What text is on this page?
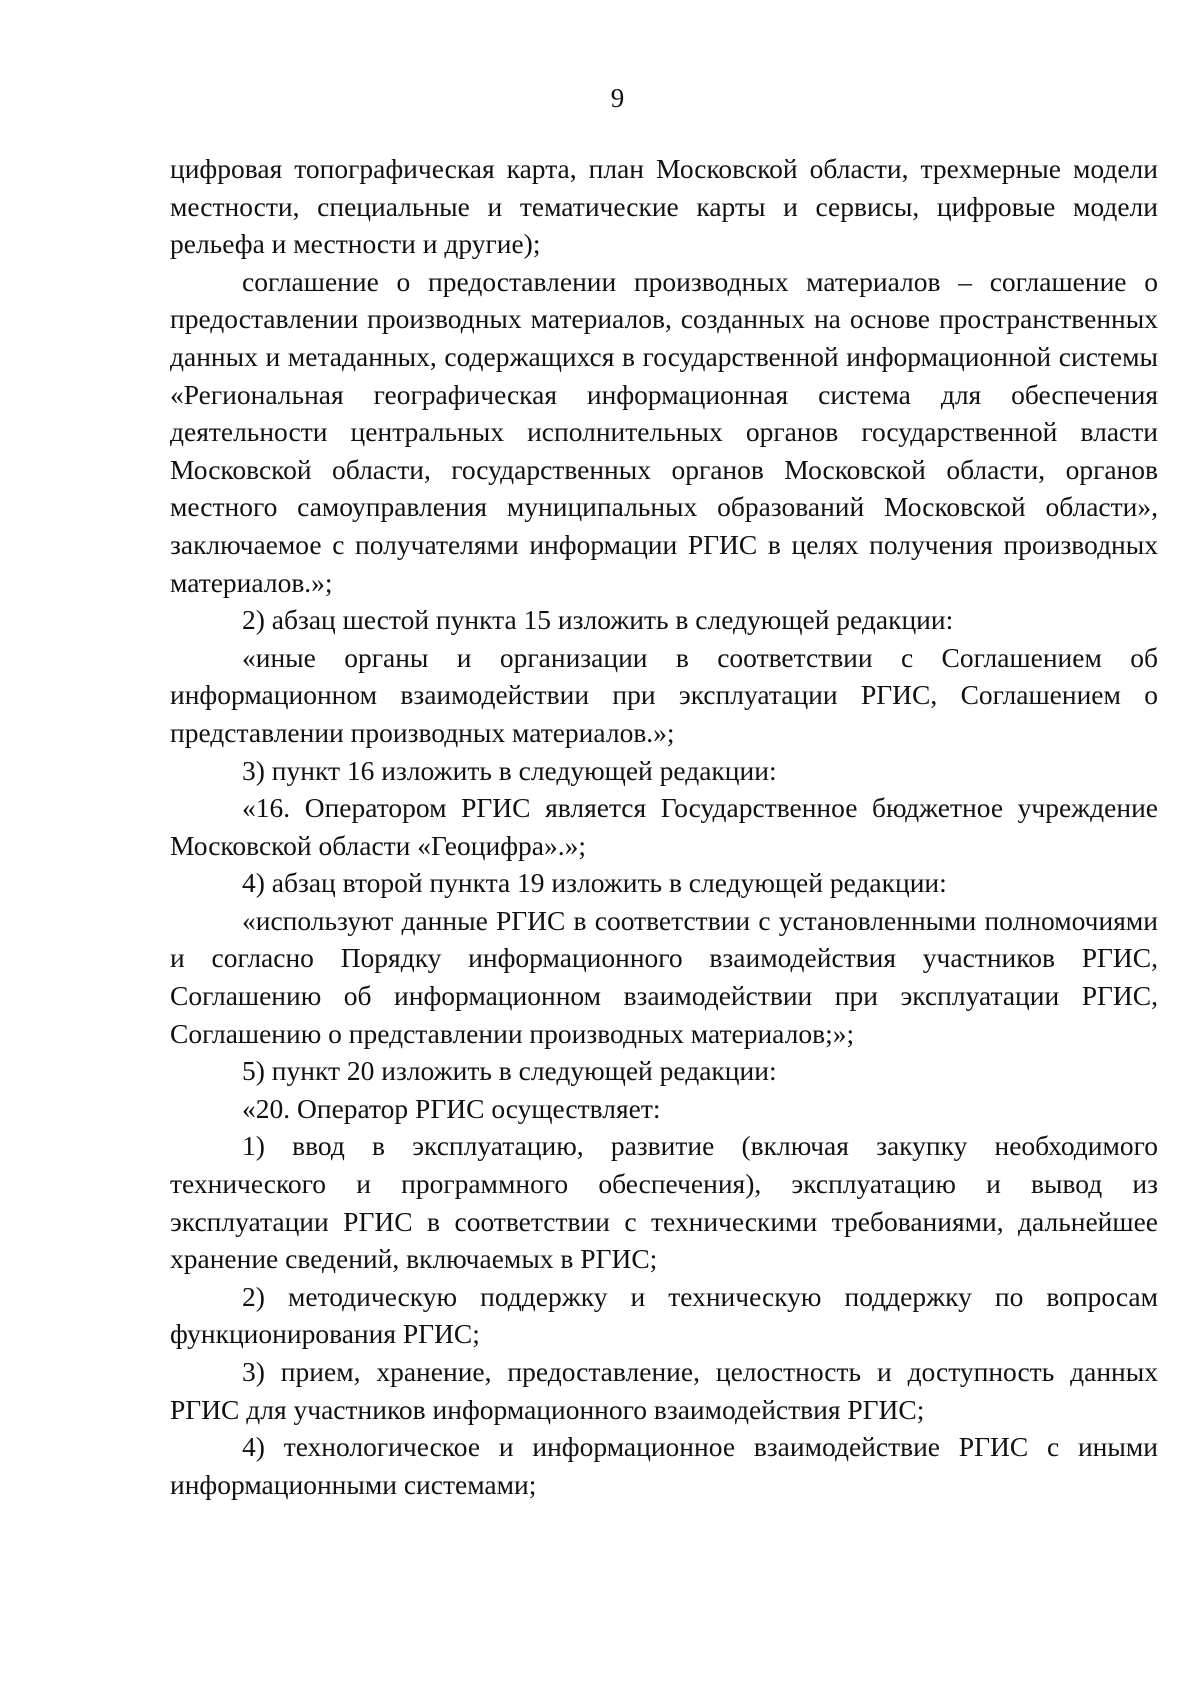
9

цифровая топографическая карта, план Московской области, трехмерные модели местности, специальные и тематические карты и сервисы, цифровые модели рельефа и местности и другие);

соглашение о предоставлении производных материалов – соглашение о предоставлении производных материалов, созданных на основе пространственных данных и метаданных, содержащихся в государственной информационной системы «Региональная географическая информационная система для обеспечения деятельности центральных исполнительных органов государственной власти Московской области, государственных органов Московской области, органов местного самоуправления муниципальных образований Московской области», заключаемое с получателями информации РГИС в целях получения производных материалов.»;

2) абзац шестой пункта 15 изложить в следующей редакции:

«иные органы и организации в соответствии с Соглашением об информационном взаимодействии при эксплуатации РГИС, Соглашением о представлении производных материалов.»;

3) пункт 16 изложить в следующей редакции:

«16. Оператором РГИС является Государственное бюджетное учреждение Московской области «Геоцифра».»;

4) абзац второй пункта 19 изложить в следующей редакции:

«используют данные РГИС в соответствии с установленными полномочиями и согласно Порядку информационного взаимодействия участников РГИС, Соглашению об информационном взаимодействии при эксплуатации РГИС, Соглашению о представлении производных материалов;»;

5) пункт 20 изложить в следующей редакции:

«20. Оператор РГИС осуществляет:

1) ввод в эксплуатацию, развитие (включая закупку необходимого технического и программного обеспечения), эксплуатацию и вывод из эксплуатации РГИС в соответствии с техническими требованиями, дальнейшее хранение сведений, включаемых в РГИС;

2) методическую поддержку и техническую поддержку по вопросам функционирования РГИС;

3) прием, хранение, предоставление, целостность и доступность данных РГИС для участников информационного взаимодействия РГИС;

4) технологическое и информационное взаимодействие РГИС с иными информационными системами;
